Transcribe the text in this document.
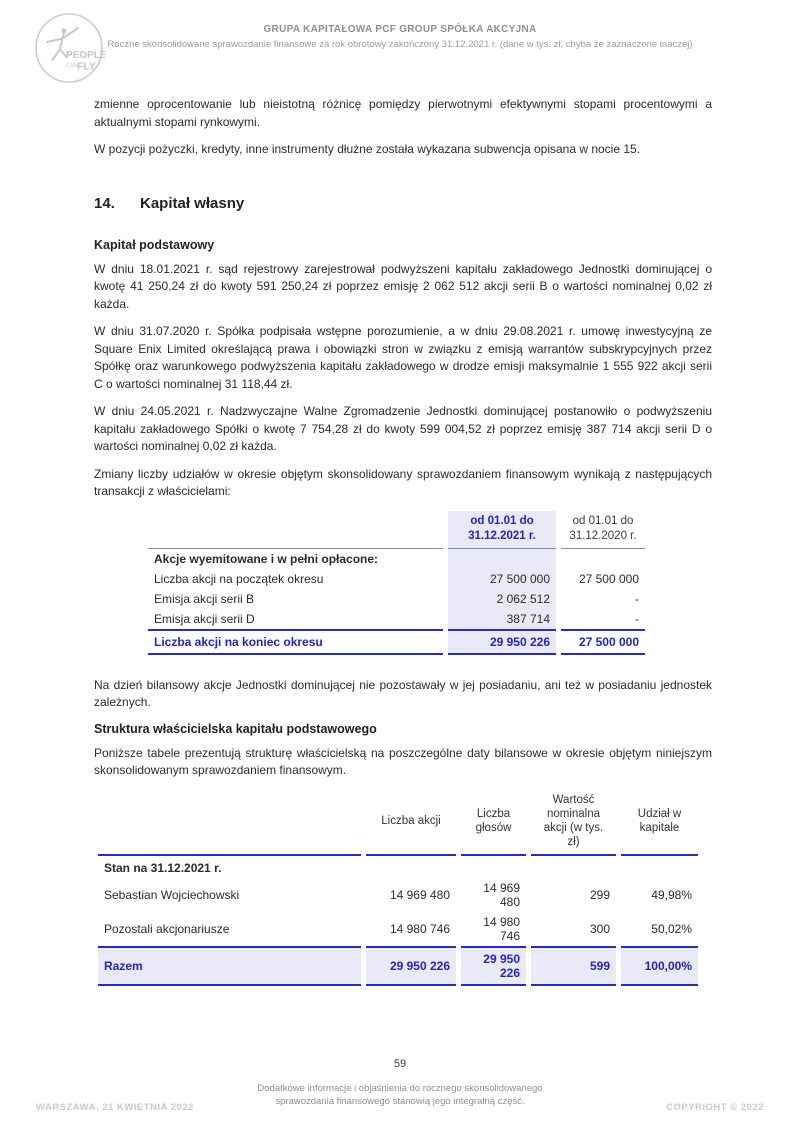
PEOPLE
CAN FLY
GRUPA KAPITAŁOWA PCF GROUP SPÓŁKA AKCYJNA
Roczne skonsolidowane sprawozdanie finansowe za rok obrotowy zakończony 31.12.2021 r. (dane w tys. zł, chyba że zaznaczone inaczej)

zmienne oprocentowanie lub nieistotną różnicę pomiędzy pierwotnymi efektywnymi stopami procentowymi a aktualnymi stopami rynkowymi.

W pozycji pożyczki, kredyty, inne instrumenty dłużne została wykazana subwencja opisana w nocie 15.

14. Kapitał własny
Kapitał podstawowy

W dniu 18.01.2021 r. sąd rejestrowy zarejestrował podwyższeni kapitału zakładowego Jednostki dominującej o kwotę 41 250,24 zł do kwoty 591 250,24 zł poprzez emisję 2 062 512 akcji serii B o wartości nominalnej 0,02 zł każda.

W dniu 31.07.2020 r. Spółka podpisała wstępne porozumienie, a w dniu 29.08.2021 r. umowę inwestycyjną ze Square Enix Limited określającą prawa i obowiązki stron w związku z emisją warrantów subskrypcyjnych przez Spółkę oraz warunkowego podwyższenia kapitału zakładowego w drodze emisji maksymalnie 1 555 922 akcji serii C o wartości nominalnej 31 118,44 zł.

W dniu 24.05.2021 r. Nadzwyczajne Walne Zgromadzenie Jednostki dominującej postanowiło o podwyższeniu kapitału zakładowego Spółki o kwotę 7 754,28 zł do kwoty 599 004,52 zł poprzez emisję 387 714 akcji serii D o wartości nominalnej 0,02 zł każda.

Zmiany liczby udziałów w okresie objętym skonsolidowany sprawozdaniem finansowym wynikają z następujących transakcji z właścicielami:

	od 01.01 do 31.12.2021 r.	od 01.01 do 31.12.2020 r.
Akcje wyemitowane i w pełni opłacone:		
Liczba akcji na początek okresu	27 500 000	27 500 000
Emisja akcji serii B	2 062 512	-
Emisja akcji serii D	387 714	-
Liczba akcji na koniec okresu	29 950 226	27 500 000

Na dzień bilansowy akcje Jednostki dominującej nie pozostawały w jej posiadaniu, ani też w posiadaniu jednostek zależnych.

Struktura właścicielska kapitału podstawowego

Poniższe tabele prezentują strukturę właścicielską na poszczególne daty bilansowe w okresie objętym niniejszym skonsolidowanym sprawozdaniem finansowym.

	Liczba akcji	Liczba głosów	Wartość nominalna akcji (w tys. zł)	Udział w kapitale
Stan na 31.12.2021 r.				
Sebastian Wojciechowski	14 969 480	14 969 480	299	49,98%
Pozostali akcjonariusze	14 980 746	14 980 746	300	50,02%
Razem	29 950 226	29 950 226	599	100,00%
59
Dodatkowe informacje i objaśnienia do rocznego skonsolidowanego sprawozdania finansowego stanowią jego integralną część.
WARSZAWA, 21 KWIETNIA 2022	COPYRIGHT © 2022
